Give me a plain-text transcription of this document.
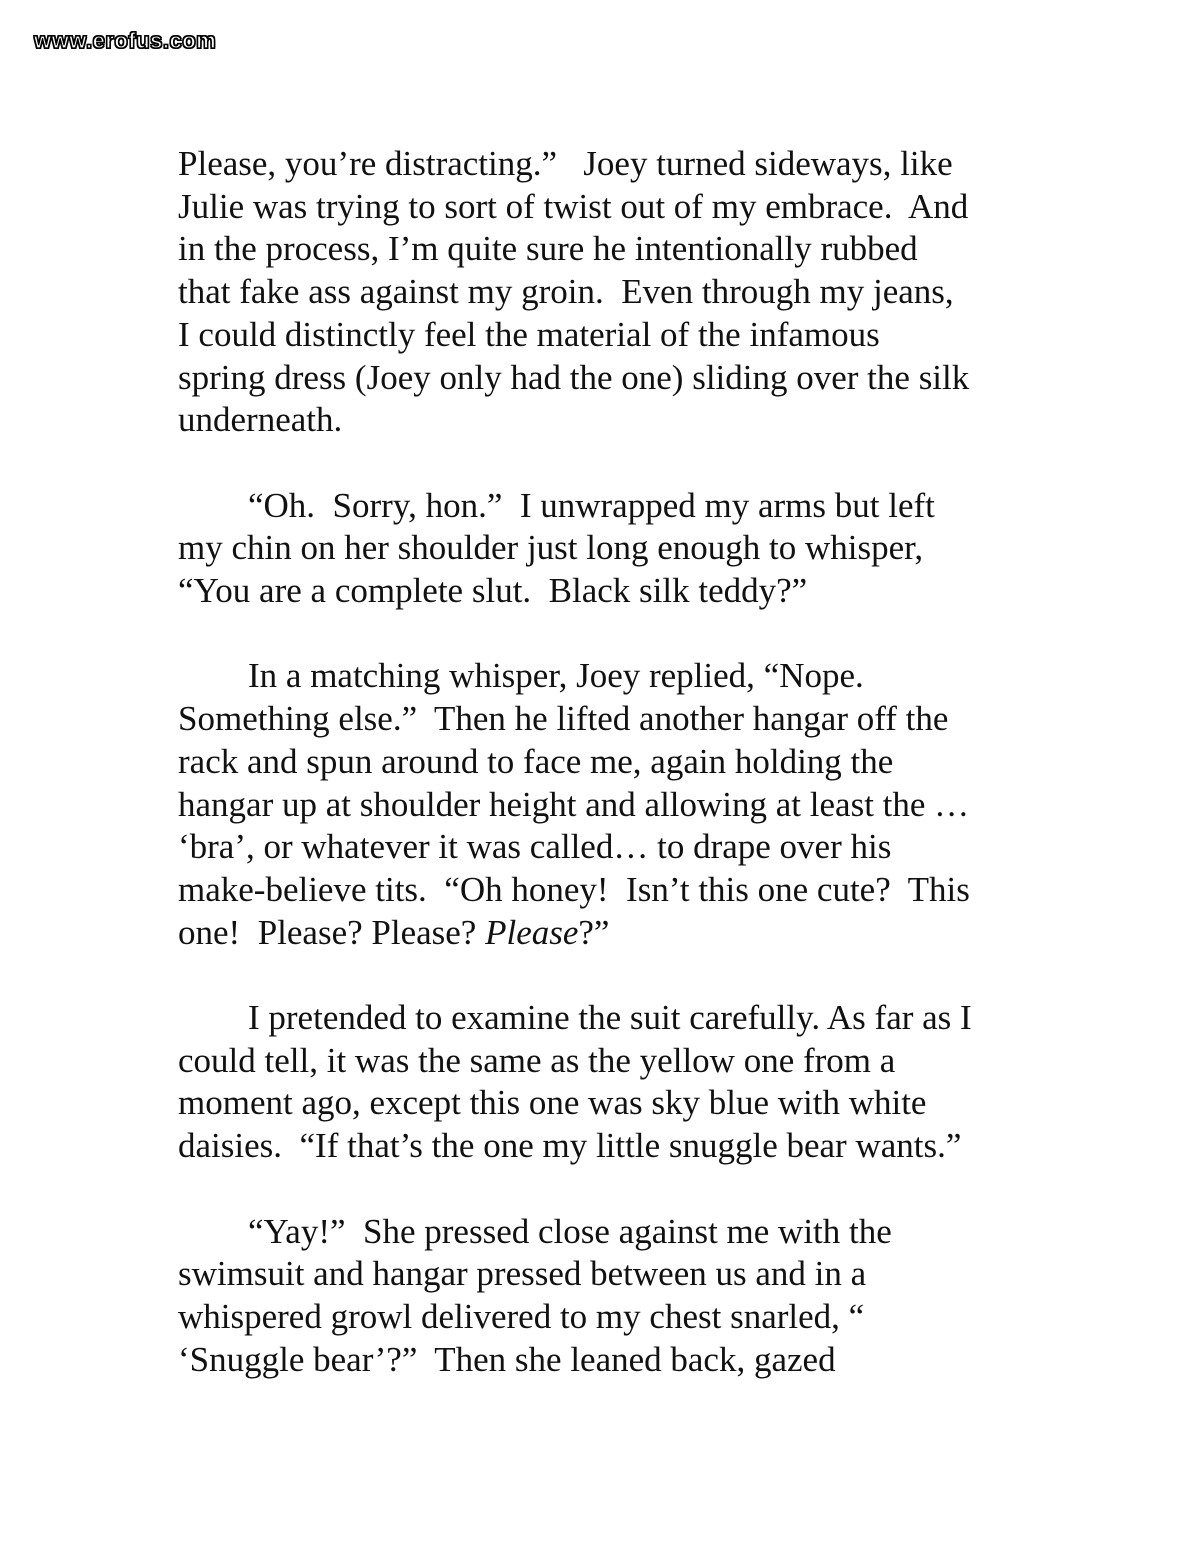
www.erofus.com
Please, you’re distracting.”   Joey turned sideways, like
Julie was trying to sort of twist out of my embrace.  And
in the process, I’m quite sure he intentionally rubbed
that fake ass against my groin.  Even through my jeans,
I could distinctly feel the material of the infamous
spring dress (Joey only had the one) sliding over the silk
underneath.
“Oh.  Sorry, hon.”  I unwrapped my arms but left
my chin on her shoulder just long enough to whisper,
“You are a complete slut.  Black silk teddy?”
In a matching whisper, Joey replied, “Nope.
Something else.”  Then he lifted another hangar off the
rack and spun around to face me, again holding the
hangar up at shoulder height and allowing at least the …
‘bra’, or whatever it was called… to drape over his
make-believe tits.  “Oh honey!  Isn’t this one cute?  This
one!  Please? Please? Please?”
I pretended to examine the suit carefully. As far as I
could tell, it was the same as the yellow one from a
moment ago, except this one was sky blue with white
daisies.  “If that’s the one my little snuggle bear wants.”
“Yay!”  She pressed close against me with the
swimsuit and hangar pressed between us and in a
whispered growl delivered to my chest snarled, “
‘Snuggle bear’?”  Then she leaned back, gazed
